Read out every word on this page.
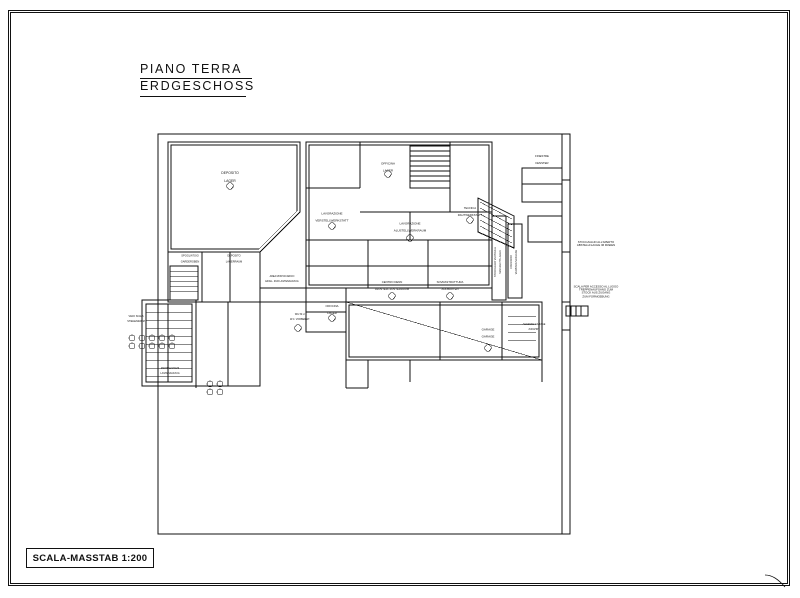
PIANO TERRA
ERDGESCHOSS
SCALA-MASSTAB 1:200

DEPOSITO

LAGER

OFFICINA

LAGER

LAVORAZIONE

VERSTELLWERKSTATT

LAVORAZIONE

ALUSTELLWERKRAUM

TECNICA

RAUTWERKSTATT

FINESTRE

FENSTER

CENTRO DENN

ALUSTELL-LUSTERRAUM

SOVRASTRUTTURA

AUFBAUTEN

GARAGE

GARAGE

OFFICINA

LAGER

SPOGLIATOIO

GARDEROBEN

DEPOSITO

LAGERRAUM

AREA MONTACARICO

EINGL. ZUR LASTENAUFZUG

WC/ M.U.

W.C. VORBEREIT.

VANO SCALA

STIEGENRAUM

MONTACARICHI

LASTENAUFZUG

ACCESSO GARAGE

ZUFAHRT

STOCCAGGIO VERTICALE	SENKRECHT-LAGER	CORRIDOIO	VERBINDUNGSGANG

STOCCAGGIO ALL'APERTO
ABSTELLFLACHE IM FREIEN
SCALA PER ACCESSO AL LUOGO
TREPPENAUFGANG ZUM
STOCK AUS ZUGANG
ZUM FORMGEBUNG
